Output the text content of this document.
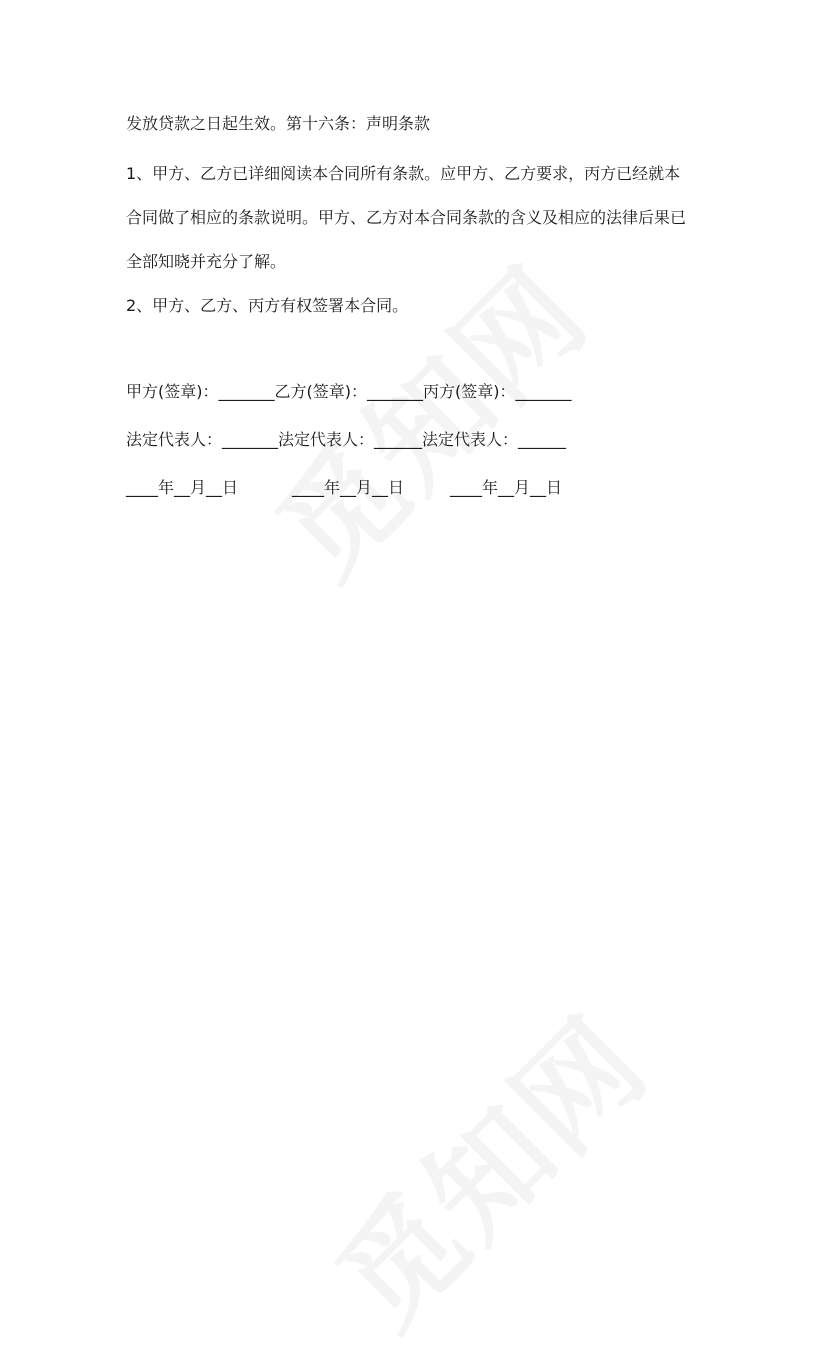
发放贷款之日起生效。第十六条：声明条款
1、甲方、乙方已详细阅读本合同所有条款。应甲方、乙方要求，丙方已经就本
合同做了相应的条款说明。甲方、乙方对本合同条款的含义及相应的法律后果已
全部知晓并充分了解。
2、甲方、乙方、丙方有权签署本合同。
甲方(签章)：_______乙方(签章)：_______丙方(签章)：_______
法定代表人：_______法定代表人：______法定代表人：______
____年__月__日	____年__月__日	____年__月__日
